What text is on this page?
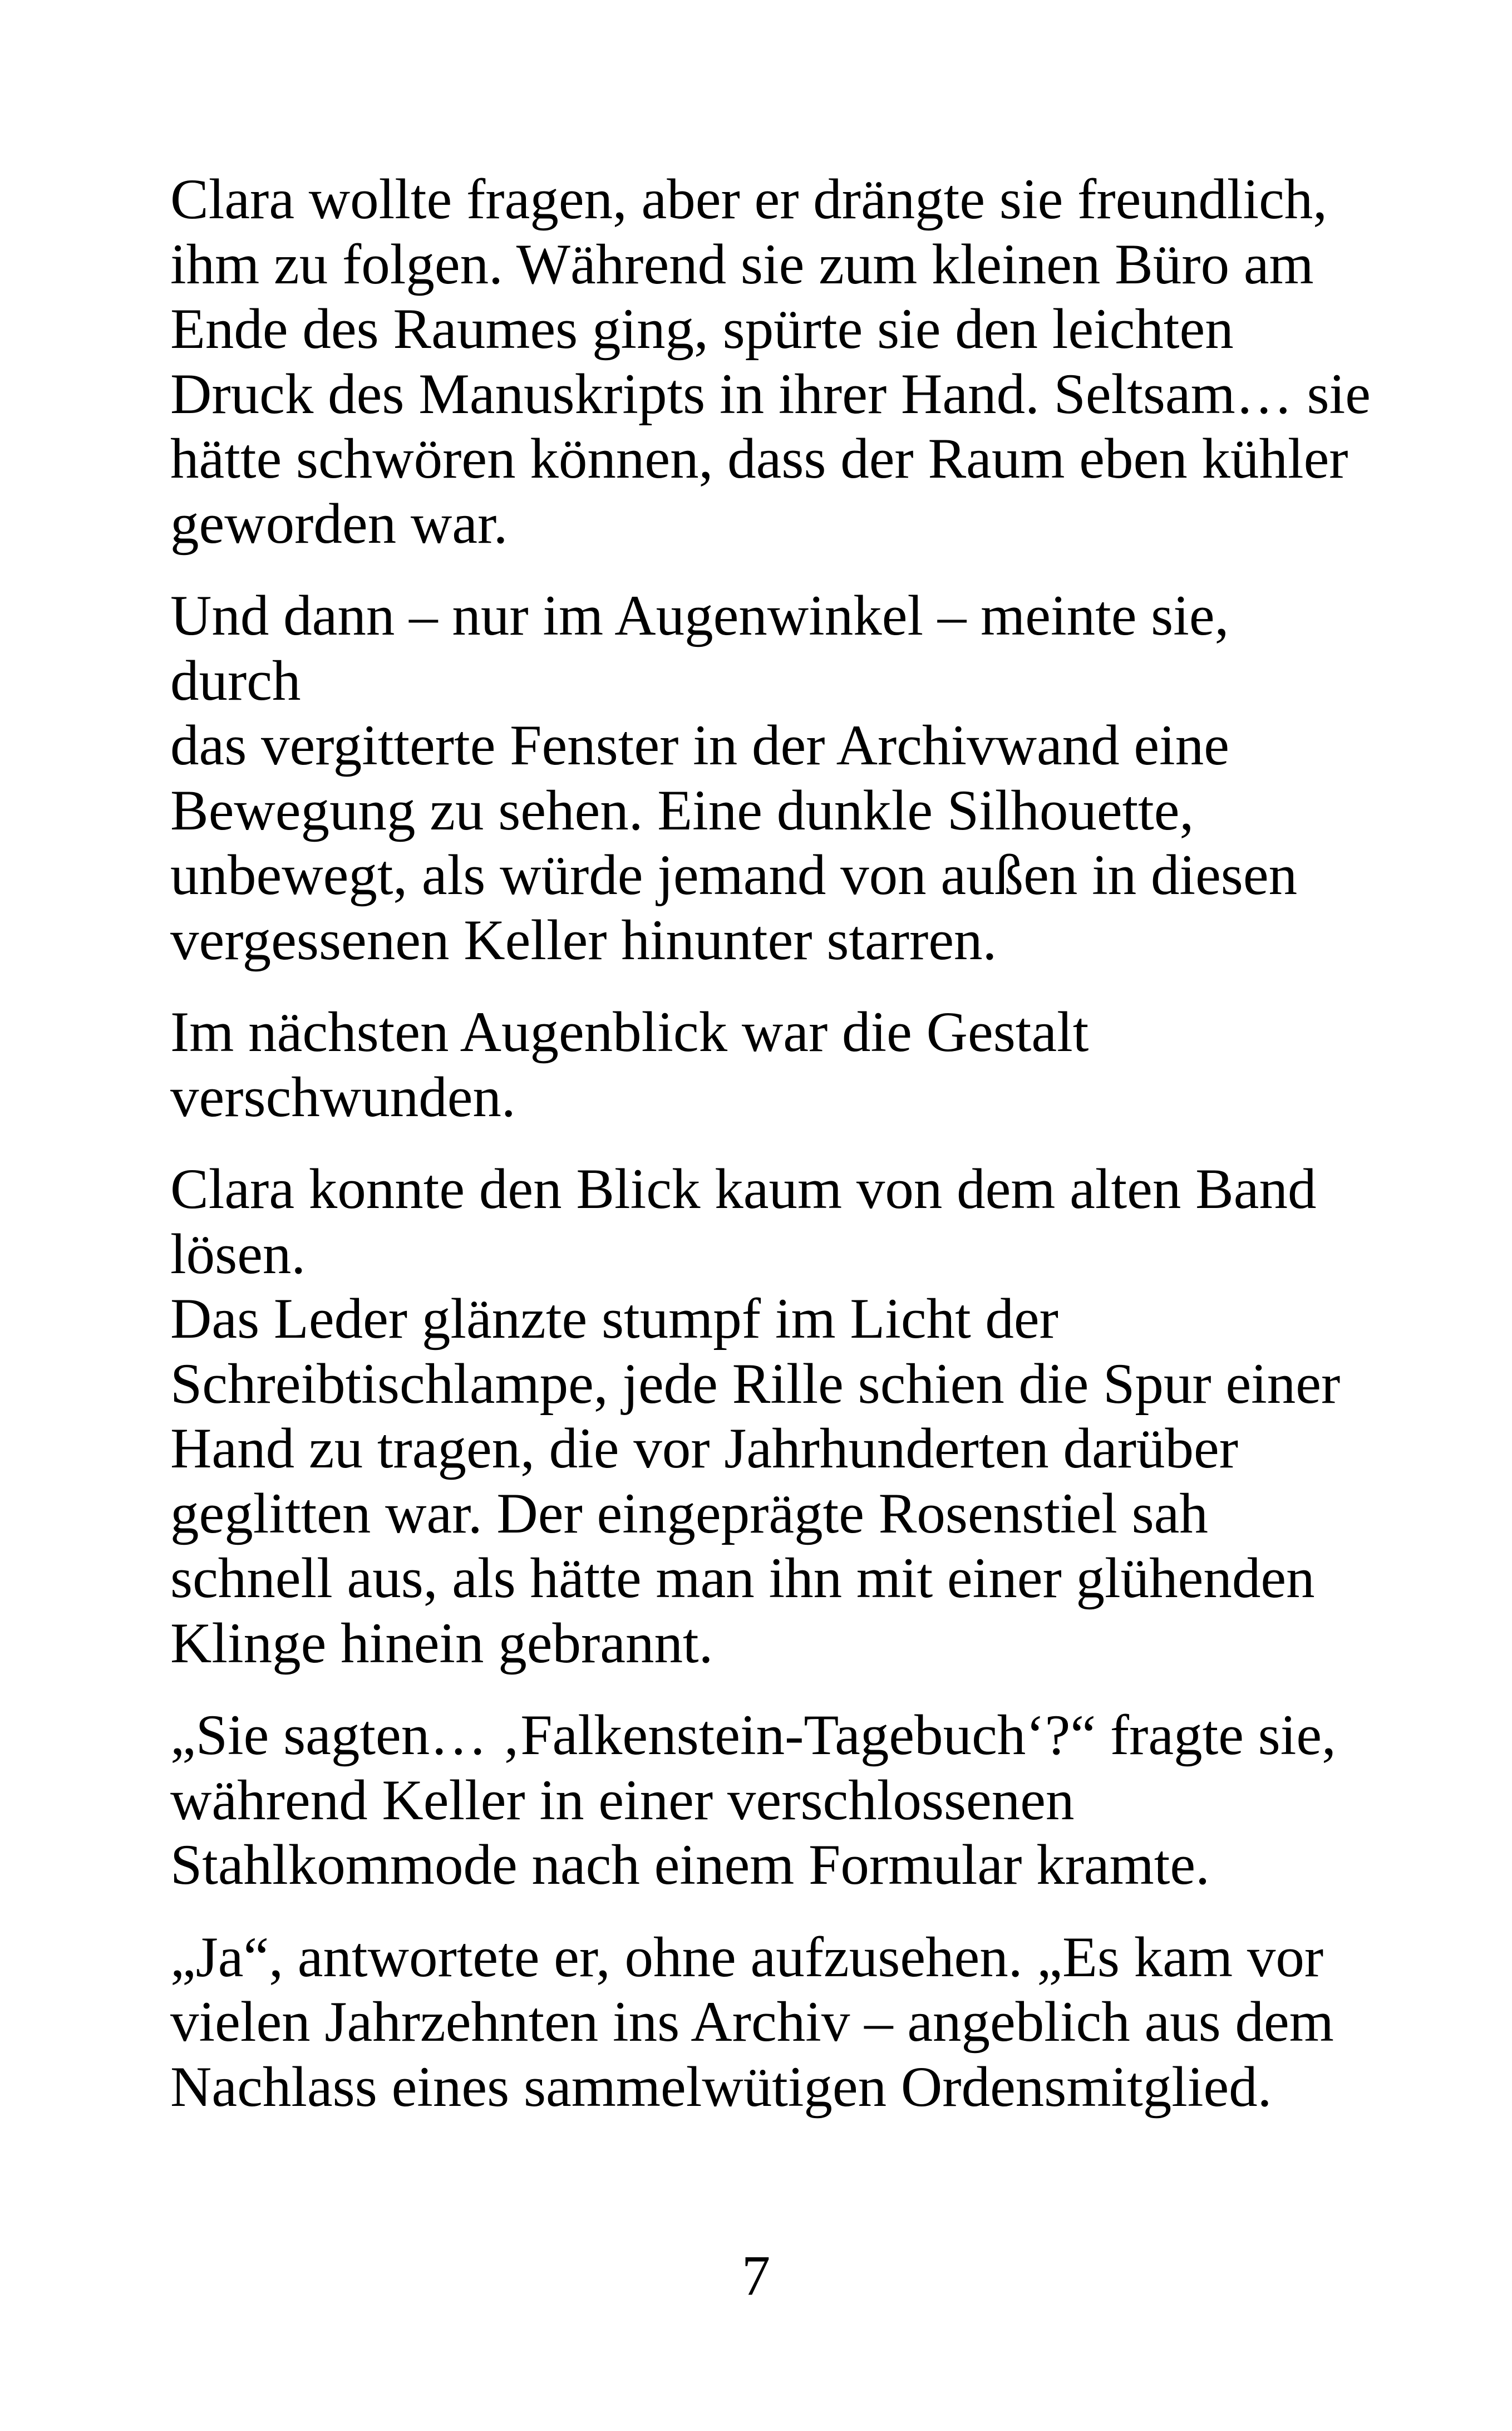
Clara wollte fragen, aber er drängte sie freundlich,
ihm zu folgen. Während sie zum kleinen Büro am
Ende des Raumes ging, spürte sie den leichten
Druck des Manuskripts in ihrer Hand. Seltsam… sie
hätte schwören können, dass der Raum eben kühler
geworden war.

Und dann – nur im Augenwinkel – meinte sie, durch
das vergitterte Fenster in der Archivwand eine
Bewegung zu sehen. Eine dunkle Silhouette,
unbewegt, als würde jemand von außen in diesen
vergessenen Keller hinunter starren.

Im nächsten Augenblick war die Gestalt
verschwunden.

Clara konnte den Blick kaum von dem alten Band
lösen.
Das Leder glänzte stumpf im Licht der
Schreibtischlampe, jede Rille schien die Spur einer
Hand zu tragen, die vor Jahrhunderten darüber
geglitten war. Der eingeprägte Rosenstiel sah
schnell aus, als hätte man ihn mit einer glühenden
Klinge hinein gebrannt.

„Sie sagten… ‚Falkenstein-Tagebuch‘?“ fragte sie,
während Keller in einer verschlossenen
Stahlkommode nach einem Formular kramte.

„Ja“, antwortete er, ohne aufzusehen. „Es kam vor
vielen Jahrzehnten ins Archiv – angeblich aus dem
Nachlass eines sammelwütigen Ordensmitglied.

7
